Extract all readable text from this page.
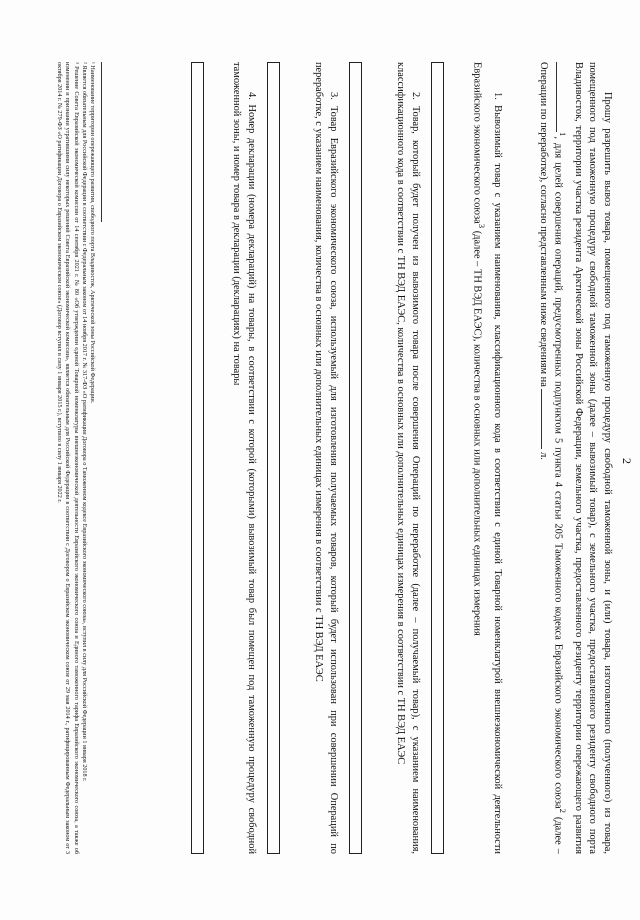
2
Прошу разрешить вывоз товара, помещенного под таможенную процедуру свободной таможенной зоны, и (или) товара, изготовленного (полученного) из товара, помещенного под таможенную процедуру свободной таможенной зоны (далее – вывозимый товар), с земельного участка, предоставленного резиденту свободного порта Владивосток, территории участка резидента Арктической зоны Российской Федерации, земельного участка, предоставленного резиденту территории опережающего развития $^1$, для целей совершения операций, предусмотренных подпунктом 5 пункта 4 статьи 205 Таможенного кодекса Евразийского экономического союза$^2$ (далее – Операции по переработке), согласно представленным ниже сведениям на  л.
1. Вывозимый товар с указанием наименования, классификационного кода в соответствии с единой Товарной номенклатурой внешнеэкономической деятельности Евразийского экономического союза$^3$ (далее – ТН ВЭД ЕАЭС), количества в основных или дополнительных единицах измерения
2. Товар, который будет получен из вывозимого товара после совершения Операций по переработке (далее – получаемый товар), с указанием наименования, классификационного кода в соответствии с ТН ВЭД ЕАЭС, количества в основных или дополнительных единицах измерения в соответствии с ТН ВЭД ЕАЭС
3. Товар Евразийского экономического союза, используемый для изготовления получаемых товаров, который будет использован при совершении Операций по переработке, с указанием наименования, количества в основных или дополнительных единицах измерения в соответствии с ТН ВЭД ЕАЭС
4. Номер декларации (номера деклараций) на товары, в соответствии с которой (которыми) вывозимый товар был помещен под таможенную процедуру свободной таможенной зоны, и номер товара в декларации (декларациях) на товары

¹ Наименование территории опережающего развития, свободного порта Владивосток, Арктической зоны Российской Федерации.

² Является обязательным для Российской Федерации в соответствии с Федеральным законом от 14 ноября 2017 г. № 317-ФЗ «О ратификации Договора о Таможенном кодексе Евразийского экономического союза», вступил в силу для Российской Федерации 1 января 2018 г.

³ Решение Совета Евразийской экономической комиссии от 14 сентября 2021 г. № 80 «Об утверждении единой Товарной номенклатуры внешнеэкономической деятельности Евразийского экономического союза и Единого таможенного тарифа Евразийского экономического союза, а также об изменении и признании утратившими силу некоторых решений Совета Евразийской экономической комиссии», является обязательным для Российской Федерации в соответствии с Договором о Евразийском экономическом союзе от 29 мая 2014 г., ратифицированным Федеральным законом от 3 октября 2014 г. № 279-ФЗ «О ратификации Договора о Евразийском экономическом союзе» (Договор вступил в силу 1 января 2015 г.), вступило в силу 1 января 2022 г.
